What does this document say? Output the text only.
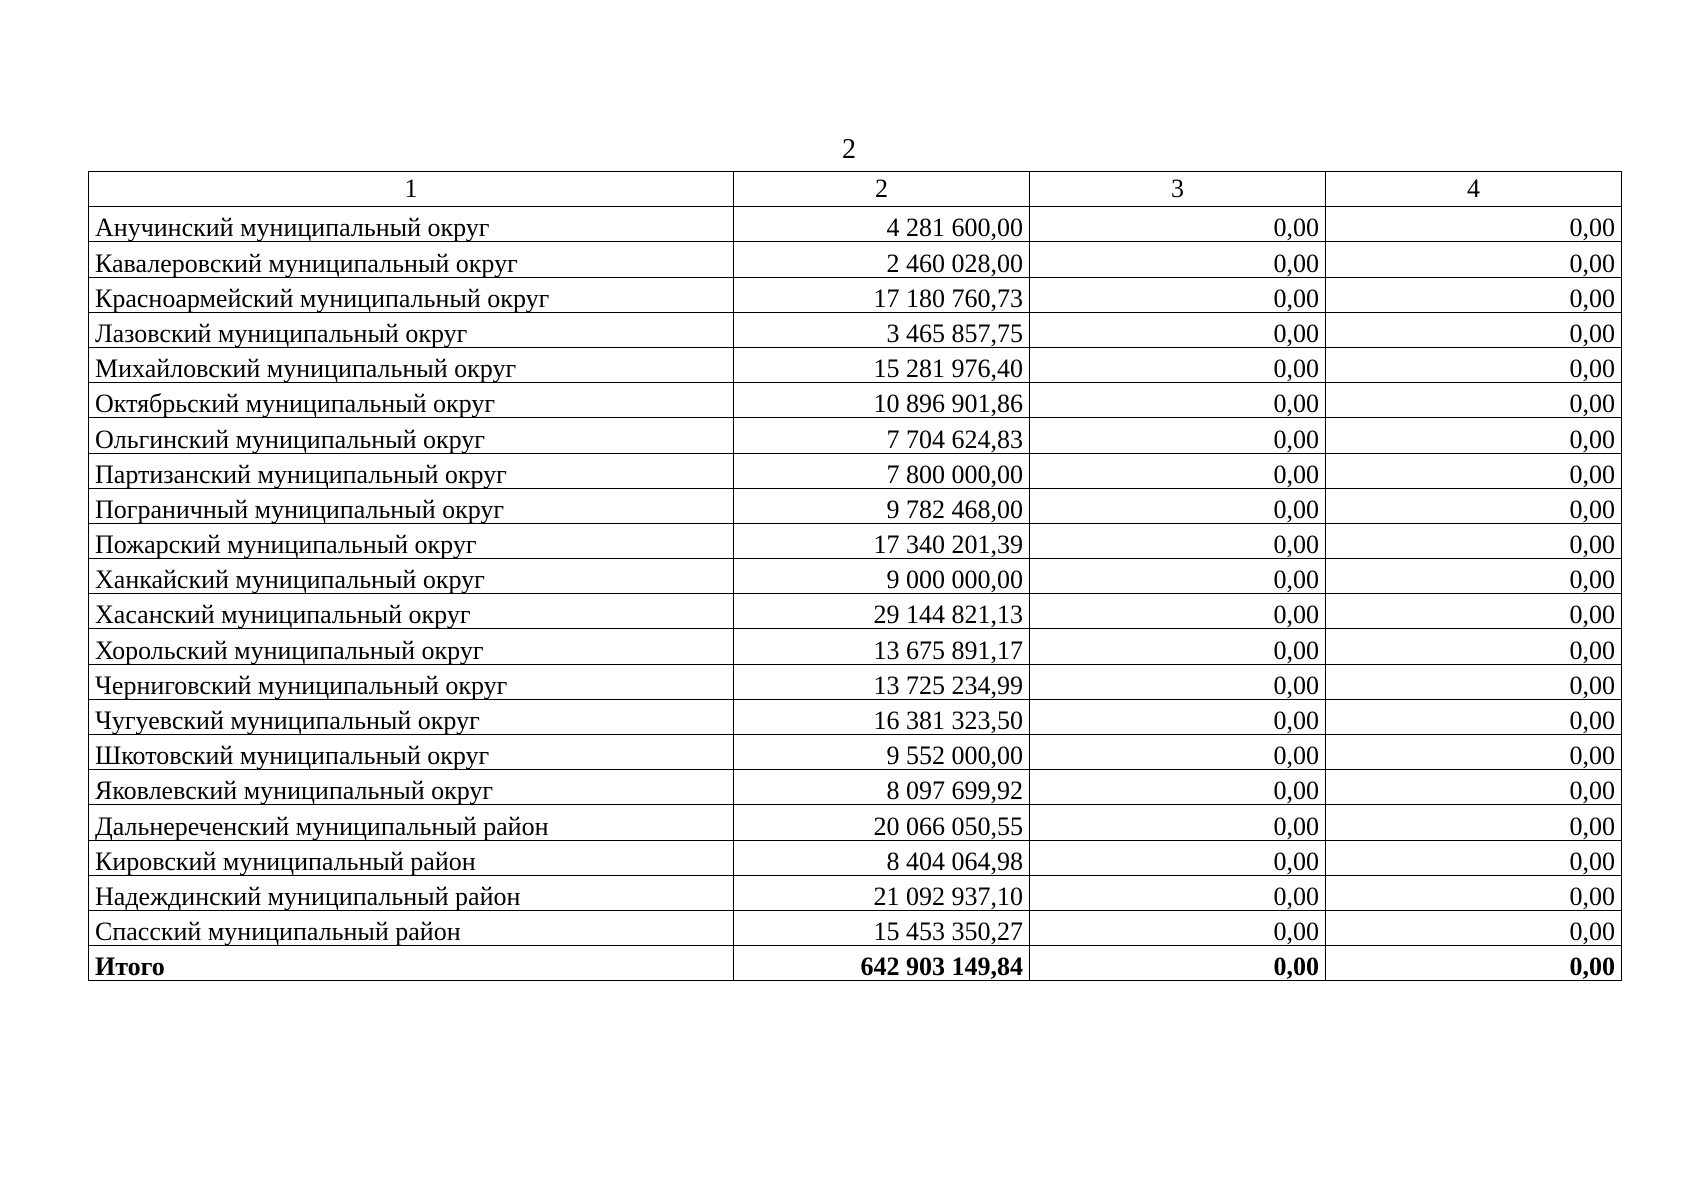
2
1	2	3	4
Анучинский муниципальный округ	4 281 600,00	0,00	0,00
Кавалеровский муниципальный округ	2 460 028,00	0,00	0,00
Красноармейский муниципальный округ	17 180 760,73	0,00	0,00
Лазовский муниципальный округ	3 465 857,75	0,00	0,00
Михайловский муниципальный округ	15 281 976,40	0,00	0,00
Октябрьский муниципальный округ	10 896 901,86	0,00	0,00
Ольгинский муниципальный округ	7 704 624,83	0,00	0,00
Партизанский муниципальный округ	7 800 000,00	0,00	0,00
Пограничный муниципальный округ	9 782 468,00	0,00	0,00
Пожарский муниципальный округ	17 340 201,39	0,00	0,00
Ханкайский муниципальный округ	9 000 000,00	0,00	0,00
Хасанский муниципальный округ	29 144 821,13	0,00	0,00
Хорольский муниципальный округ	13 675 891,17	0,00	0,00
Черниговский муниципальный округ	13 725 234,99	0,00	0,00
Чугуевский муниципальный округ	16 381 323,50	0,00	0,00
Шкотовский муниципальный округ	9 552 000,00	0,00	0,00
Яковлевский муниципальный округ	8 097 699,92	0,00	0,00
Дальнереченский муниципальный район	20 066 050,55	0,00	0,00
Кировский муниципальный район	8 404 064,98	0,00	0,00
Надеждинский муниципальный район	21 092 937,10	0,00	0,00
Спасский муниципальный район	15 453 350,27	0,00	0,00
Итого	642 903 149,84	0,00	0,00
